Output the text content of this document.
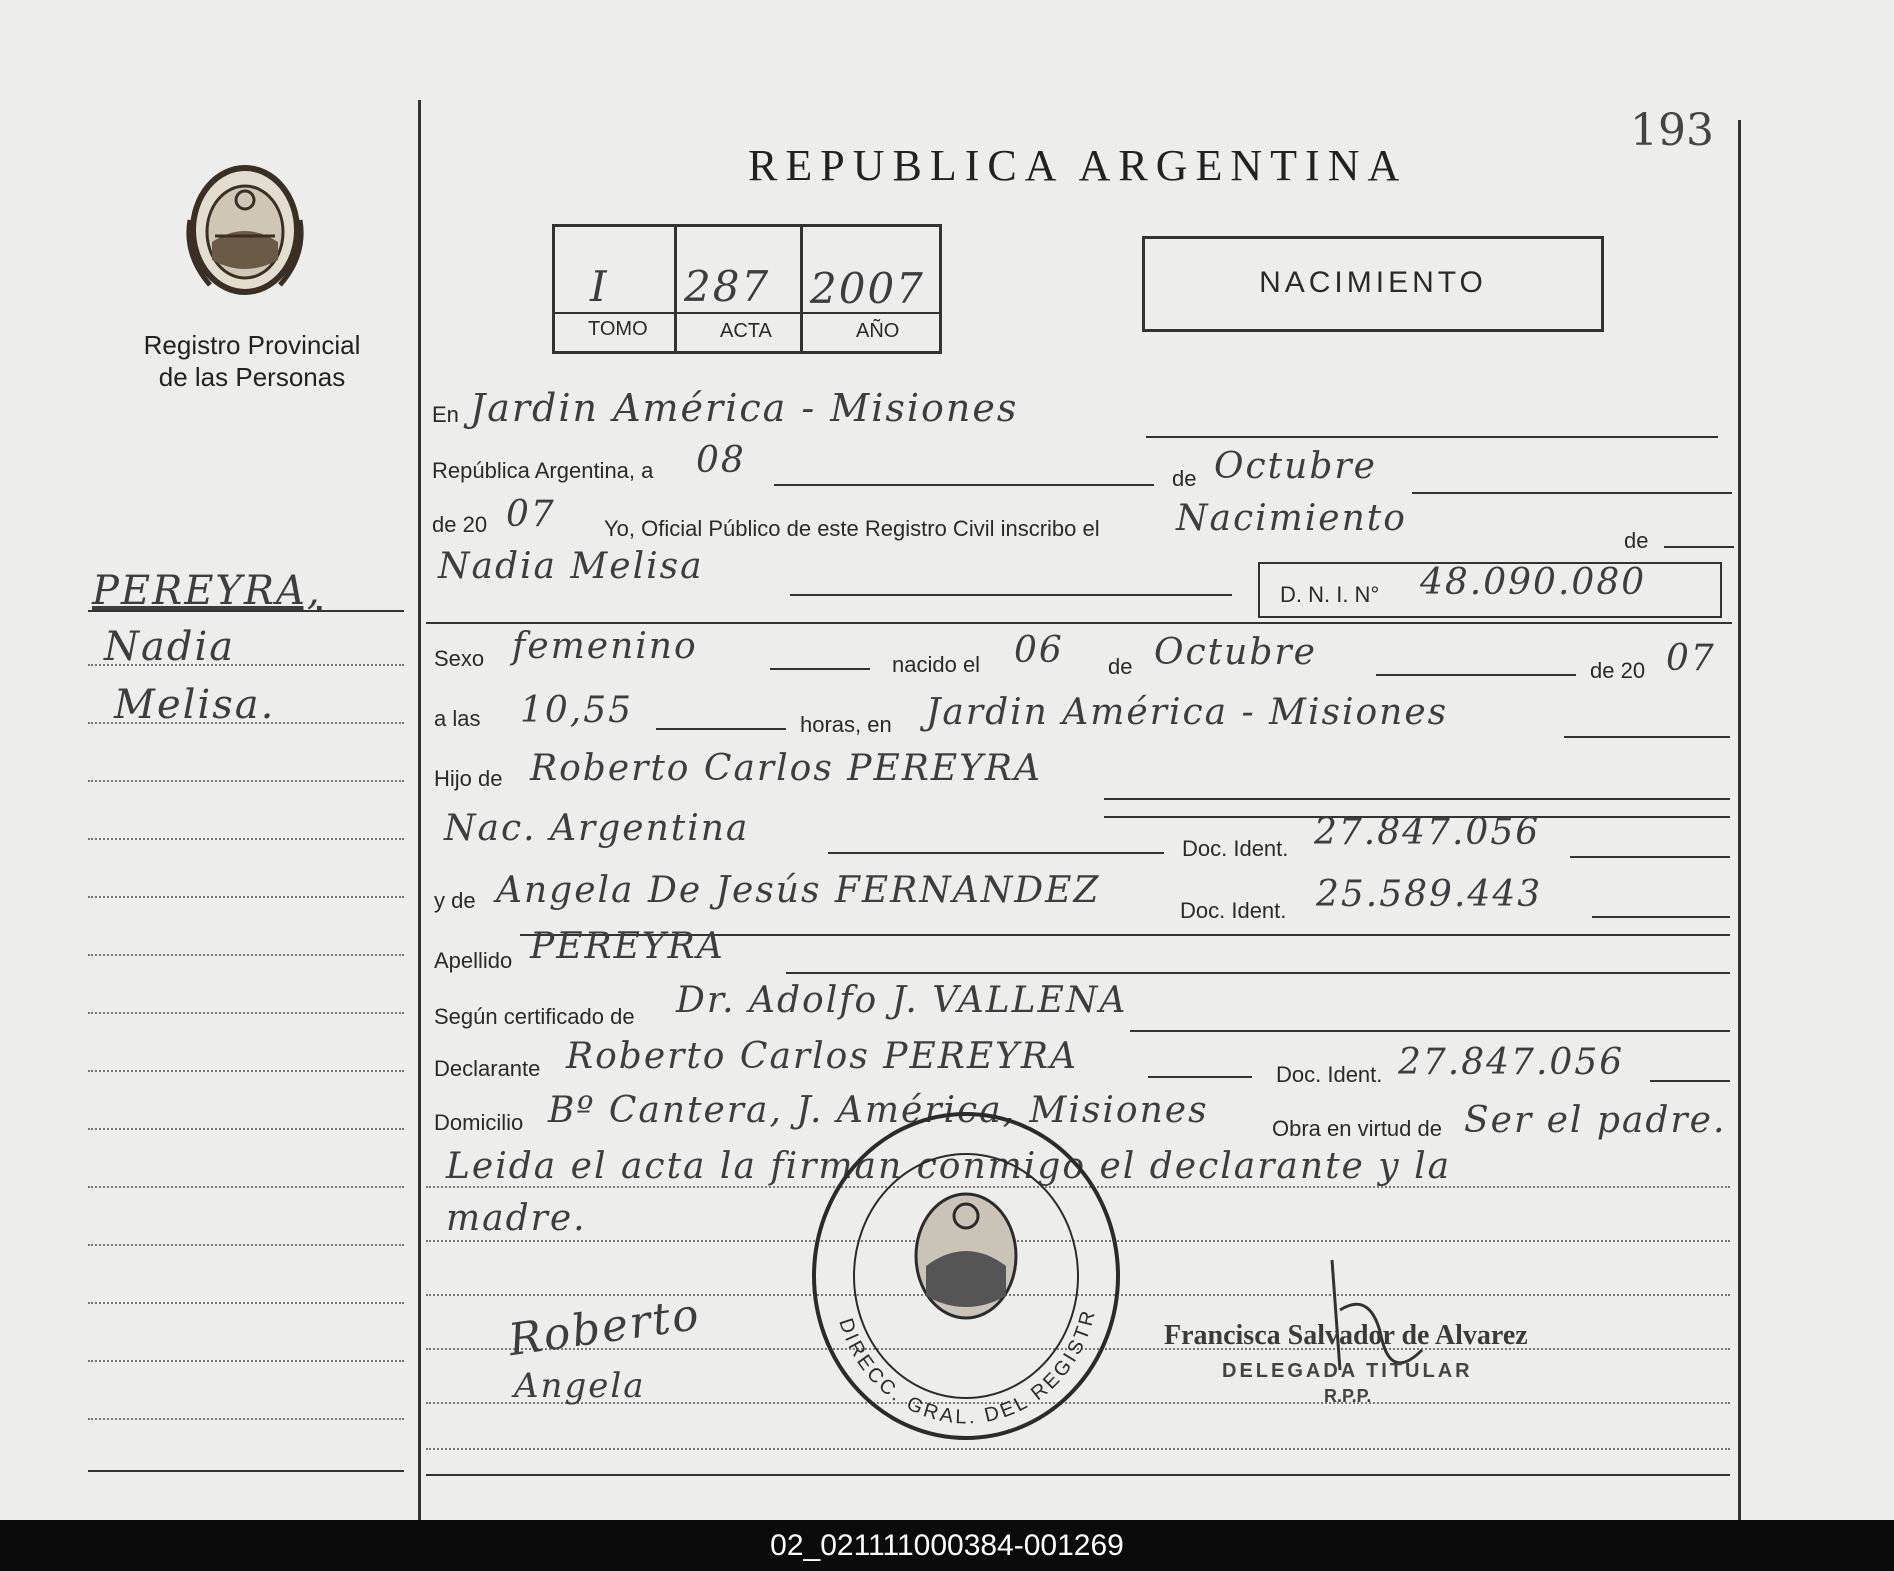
193
REPUBLICA ARGENTINA
Registro Provincial
de las Personas
I 287 2007
TOMO	ACTA	AÑO
NACIMIENTO
PEREYRA,
Nadia
Melisa.
En Jardin América - Misiones
República Argentina, a 08	de Octubre
de 20 07 Yo, Oficial Público de este Registro Civil inscribo el Nacimiento
de
Nadia Melisa
D. N. I. N° 48.090.080
Sexo femenino	nacido el 06 de Octubre	de 20 07
a las 10,55	horas, en Jardin América - Misiones
Hijo de Roberto Carlos PEREYRA
Nac. Argentina	Doc. Ident. 27.847.056
y de Angela De Jesús FERNANDEZ	Doc. Ident. 25.589.443
Apellido PEREYRA
Según certificado de Dr. Adolfo J. VALLENA
Declarante Roberto Carlos PEREYRA	Doc. Ident. 27.847.056
Domicilio Bº Cantera, J. América, Misiones	Obra en virtud de Ser el padre.
Leida el acta la firman conmigo el declarante y la
madre.
DIRECC. GRAL. DEL REGISTR
Roberto
Angela
Francisca Salvador de Alvarez
DELEGADA TITULAR
R.P.P.
02_021111000384-001269
